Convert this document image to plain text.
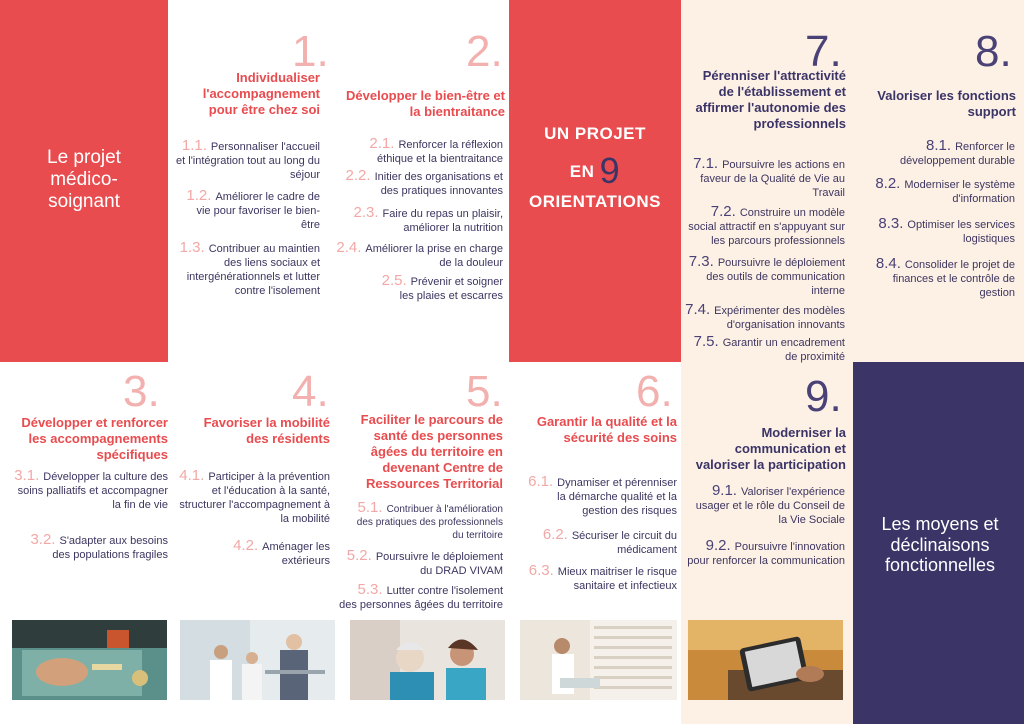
Le projet médico-soignant
UN PROJET
EN 9
ORIENTATIONS
Les moyens et déclinaisons fonctionnelles
1.
Individualiser l'accompagnement pour être chez soi
1.1. Personnaliser l'accueil et l'intégration tout au long du séjour
1.2. Améliorer le cadre de vie pour favoriser le bien-être
1.3. Contribuer au maintien des liens sociaux et intergénérationnels et lutter contre l'isolement
2.
Développer le bien-être et la bientraitance
2.1. Renforcer la réflexion éthique et la bientraitance
2.2. Initier des organisations et des pratiques innovantes
2.3. Faire du repas un plaisir, améliorer la nutrition
2.4. Améliorer la prise en charge de la douleur
2.5. Prévenir et soigner les plaies et escarres
7.
Pérenniser l'attractivité de l'établissement et affirmer l'autonomie des professionnels
7.1. Poursuivre les actions en faveur de la Qualité de Vie au Travail
7.2. Construire un modèle social attractif en s'appuyant sur les parcours professionnels
7.3. Poursuivre le déploiement des outils de communication interne
7.4. Expérimenter des modèles d'organisation innovants
7.5. Garantir un encadrement de proximité
8.
Valoriser les fonctions support
8.1. Renforcer le développement durable
8.2. Moderniser le système d'information
8.3. Optimiser les services logistiques
8.4. Consolider le projet de finances et le contrôle de gestion
3.
Développer et renforcer les accompagnements spécifiques
3.1. Développer la culture des soins palliatifs et accompagner la fin de vie
3.2. S'adapter aux besoins des populations fragiles
4.
Favoriser la mobilité des résidents
4.1. Participer à la prévention et l'éducation à la santé, structurer l'accompagnement à la mobilité
4.2. Aménager les extérieurs
5.
Faciliter le parcours de santé des personnes âgées du territoire en devenant Centre de Ressources Territorial
5.1. Contribuer à l'amélioration des pratiques des professionnels du territoire
5.2. Poursuivre le déploiement du DRAD VIVAM
5.3. Lutter contre l'isolement des personnes âgées du territoire
6.
Garantir la qualité et la sécurité des soins
6.1. Dynamiser et pérenniser la démarche qualité et la gestion des risques
6.2. Sécuriser le circuit du médicament
6.3. Mieux maitriser le risque sanitaire et infectieux
9.
Moderniser la communication et valoriser la participation
9.1. Valoriser l'expérience usager et le rôle du Conseil de la Vie Sociale
9.2. Poursuivre l'innovation pour renforcer la communication
